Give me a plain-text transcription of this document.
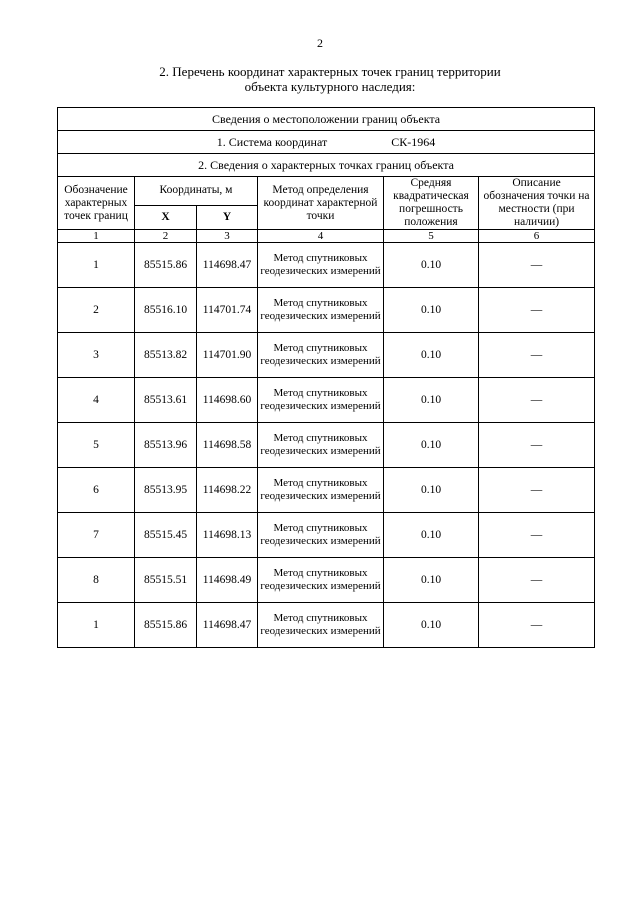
2
2. Перечень координат характерных точек границ территории
объекта культурного наследия:
Сведения о местоположении границ объекта					
1. Система координат СК-1964					
2. Сведения о характерных точках границ объекта					
Обозначение характерных точек границ	Координаты, м		Метод определения координат характерной точки	Средняя квадратическая погрешность положения	Описание обозначения точки на местности (при наличии)
	X	Y			
1	2	3	4	5	6
1	85515.86	114698.47	Метод спутниковых геодезических измерений	0.10	—
2	85516.10	114701.74	Метод спутниковых геодезических измерений	0.10	—
3	85513.82	114701.90	Метод спутниковых геодезических измерений	0.10	—
4	85513.61	114698.60	Метод спутниковых геодезических измерений	0.10	—
5	85513.96	114698.58	Метод спутниковых геодезических измерений	0.10	—
6	85513.95	114698.22	Метод спутниковых геодезических измерений	0.10	—
7	85515.45	114698.13	Метод спутниковых геодезических измерений	0.10	—
8	85515.51	114698.49	Метод спутниковых геодезических измерений	0.10	—
1	85515.86	114698.47	Метод спутниковых геодезических измерений	0.10	—
